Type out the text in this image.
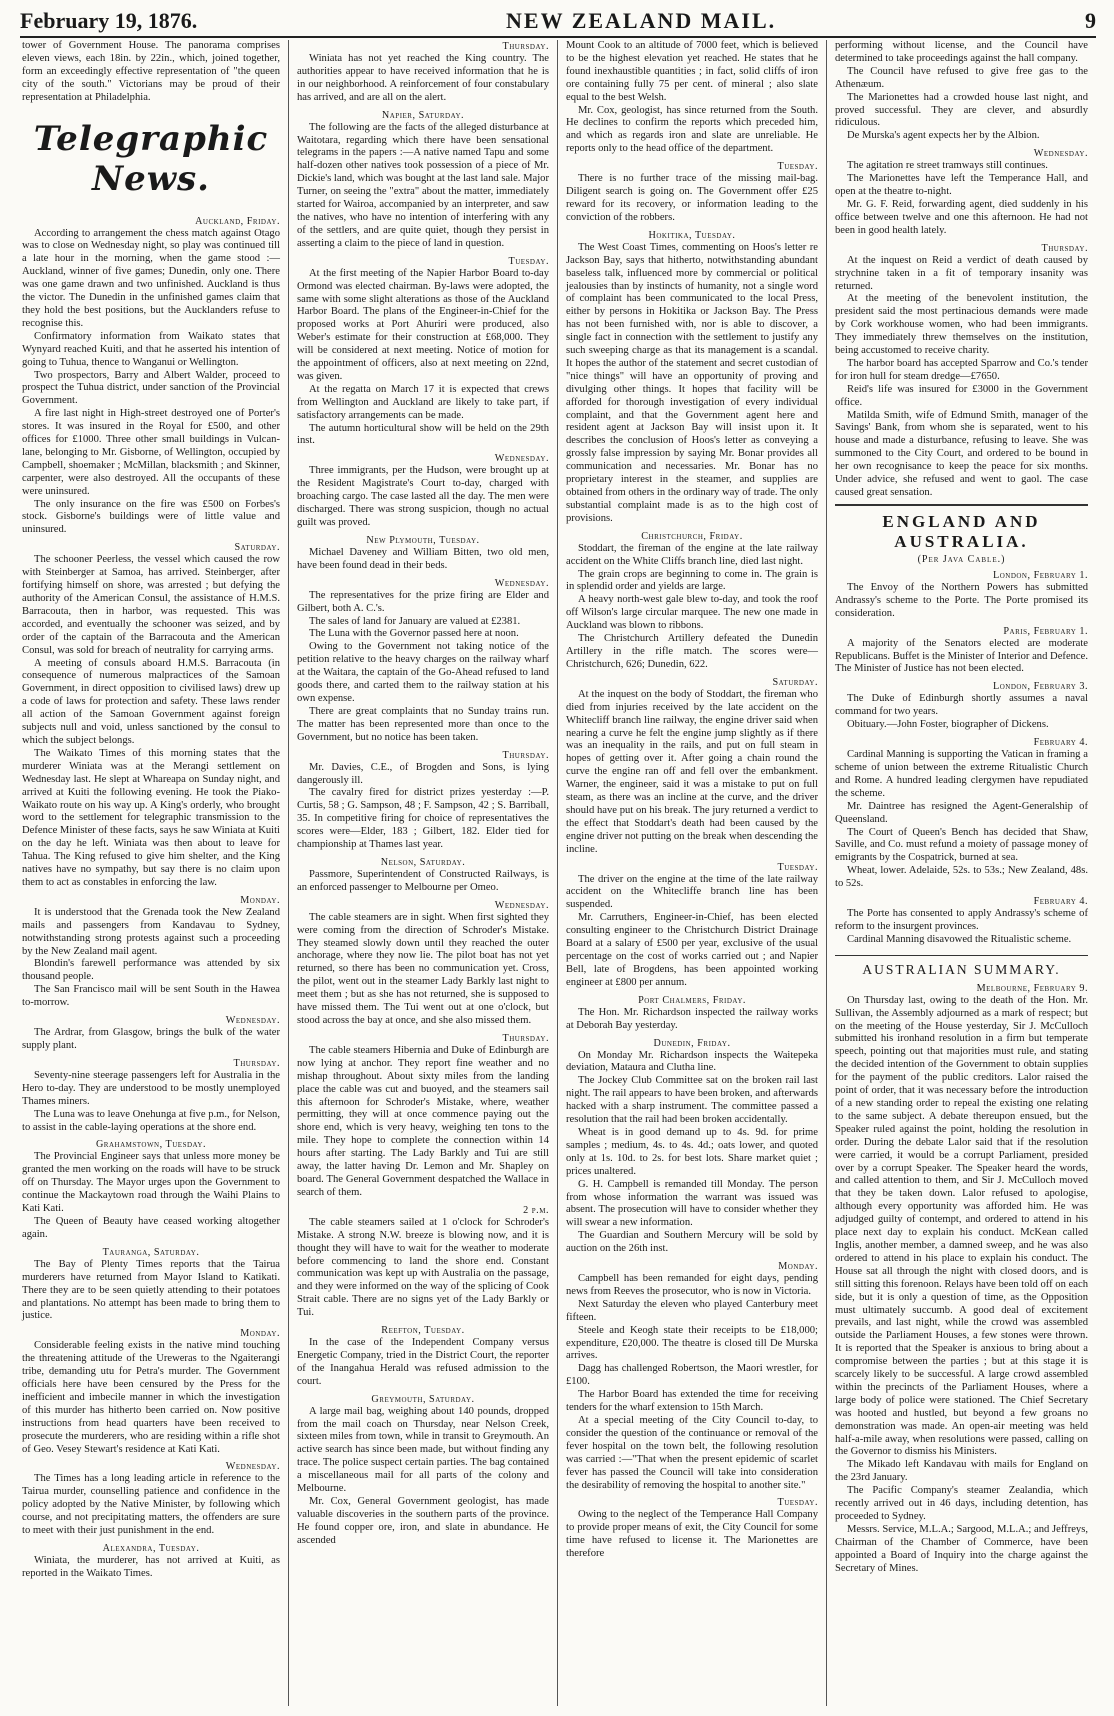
February 19, 1876.	NEW ZEALAND MAIL.	9

tower of Government House. The panorama comprises eleven views, each 18in. by 22in., which, joined together, form an exceedingly effective representation of "the queen city of the south." Victorians may be proud of their representation at Philadelphia.

Telegraphic News.
Auckland, Friday.

According to arrangement the chess match against Otago was to close on Wednesday night, so play was continued till a late hour in the morning, when the game stood :—Auckland, winner of five games; Dunedin, only one. There was one game drawn and two unfinished. Auckland is thus the victor. The Dunedin in the unfinished games claim that they hold the best positions, but the Aucklanders refuse to recognise this.

Confirmatory information from Waikato states that Wynyard reached Kuiti, and that he asserted his intention of going to Tuhua, thence to Wanganui or Wellington.

Two prospectors, Barry and Albert Walder, proceed to prospect the Tuhua district, under sanction of the Provincial Government.

A fire last night in High-street destroyed one of Porter's stores. It was insured in the Royal for £500, and other offices for £1000. Three other small buildings in Vulcan-lane, belonging to Mr. Gisborne, of Wellington, occupied by Campbell, shoemaker ; McMillan, blacksmith ; and Skinner, carpenter, were also destroyed. All the occupants of these were uninsured.

The only insurance on the fire was £500 on Forbes's stock. Gisborne's buildings were of little value and uninsured.

Saturday.

The schooner Peerless, the vessel which caused the row with Steinberger at Samoa, has arrived. Steinberger, after fortifying himself on shore, was arrested ; but defying the authority of the American Consul, the assistance of H.M.S. Barracouta, then in harbor, was requested. This was accorded, and eventually the schooner was seized, and by order of the captain of the Barracouta and the American Consul, was sold for breach of neutrality for carrying arms.

A meeting of consuls aboard H.M.S. Barracouta (in consequence of numerous malpractices of the Samoan Government, in direct opposition to civilised laws) drew up a code of laws for protection and safety. These laws render all action of the Samoan Government against foreign subjects null and void, unless sanctioned by the consul to which the subject belongs.

The Waikato Times of this morning states that the murderer Winiata was at the Merangi settlement on Wednesday last. He slept at Whareapa on Sunday night, and arrived at Kuiti the following evening. He took the Piako-Waikato route on his way up. A King's orderly, who brought word to the settlement for telegraphic transmission to the Defence Minister of these facts, says he saw Winiata at Kuiti on the day he left. Winiata was then about to leave for Tahua. The King refused to give him shelter, and the King natives have no sympathy, but say there is no claim upon them to act as constables in enforcing the law.

Monday.

It is understood that the Grenada took the New Zealand mails and passengers from Kandavau to Sydney, notwithstanding strong protests against such a proceeding by the New Zealand mail agent.

Blondin's farewell performance was attended by six thousand people.

The San Francisco mail will be sent South in the Hawea to-morrow.

Wednesday.

The Ardrar, from Glasgow, brings the bulk of the water supply plant.

Thursday.

Seventy-nine steerage passengers left for Australia in the Hero to-day. They are understood to be mostly unemployed Thames miners.

The Luna was to leave Onehunga at five p.m., for Nelson, to assist in the cable-laying operations at the shore end.

Grahamstown, Tuesday.

The Provincial Engineer says that unless more money be granted the men working on the roads will have to be struck off on Thursday. The Mayor urges upon the Government to continue the Mackaytown road through the Waihi Plains to Kati Kati.

The Queen of Beauty have ceased working altogether again.

Tauranga, Saturday.

The Bay of Plenty Times reports that the Tairua murderers have returned from Mayor Island to Katikati. There they are to be seen quietly attending to their potatoes and plantations. No attempt has been made to bring them to justice.

Monday.

Considerable feeling exists in the native mind touching the threatening attitude of the Ureweras to the Ngaiterangi tribe, demanding utu for Petra's murder. The Government officials here have been censured by the Press for the inefficient and imbecile manner in which the investigation of this murder has hitherto been carried on. Now positive instructions from head quarters have been received to prosecute the murderers, who are residing within a rifle shot of Geo. Vesey Stewart's residence at Kati Kati.

Wednesday.

The Times has a long leading article in reference to the Tairua murder, counselling patience and confidence in the policy adopted by the Native Minister, by following which course, and not precipitating matters, the offenders are sure to meet with their just punishment in the end.

Alexandra, Tuesday.

Winiata, the murderer, has not arrived at Kuiti, as reported in the Waikato Times.

Thursday.

Winiata has not yet reached the King country. The authorities appear to have received information that he is in our neighborhood. A reinforcement of four constabulary has arrived, and are all on the alert.

Napier, Saturday.

The following are the facts of the alleged disturbance at Waitotara, regarding which there have been sensational telegrams in the papers :—A native named Tapu and some half-dozen other natives took possession of a piece of Mr. Dickie's land, which was bought at the last land sale. Major Turner, on seeing the "extra" about the matter, immediately started for Wairoa, accompanied by an interpreter, and saw the natives, who have no intention of interfering with any of the settlers, and are quite quiet, though they persist in asserting a claim to the piece of land in question.

Tuesday.

At the first meeting of the Napier Harbor Board to-day Ormond was elected chairman. By-laws were adopted, the same with some slight alterations as those of the Auckland Harbor Board. The plans of the Engineer-in-Chief for the proposed works at Port Ahuriri were produced, also Weber's estimate for their construction at £68,000. They will be considered at next meeting. Notice of motion for the appointment of officers, also at next meeting on 22nd, was given.

At the regatta on March 17 it is expected that crews from Wellington and Auckland are likely to take part, if satisfactory arrangements can be made.

The autumn horticultural show will be held on the 29th inst.

Wednesday.

Three immigrants, per the Hudson, were brought up at the Resident Magistrate's Court to-day, charged with broaching cargo. The case lasted all the day. The men were discharged. There was strong suspicion, though no actual guilt was proved.

New Plymouth, Tuesday.

Michael Daveney and William Bitten, two old men, have been found dead in their beds.

Wednesday.

The representatives for the prize firing are Elder and Gilbert, both A. C.'s.

The sales of land for January are valued at £2381.

The Luna with the Governor passed here at noon.

Owing to the Government not taking notice of the petition relative to the heavy charges on the railway wharf at the Waitara, the captain of the Go-Ahead refused to land goods there, and carted them to the railway station at his own expense.

There are great complaints that no Sunday trains run. The matter has been represented more than once to the Government, but no notice has been taken.

Thursday.

Mr. Davies, C.E., of Brogden and Sons, is lying dangerously ill.

The cavalry fired for district prizes yesterday :—P. Curtis, 58 ; G. Sampson, 48 ; F. Sampson, 42 ; S. Barriball, 35. In competitive firing for choice of representatives the scores were—Elder, 183 ; Gilbert, 182. Elder tied for championship at Thames last year.

Nelson, Saturday.

Passmore, Superintendent of Constructed Railways, is an enforced passenger to Melbourne per Omeo.

Wednesday.

The cable steamers are in sight. When first sighted they were coming from the direction of Schroder's Mistake. They steamed slowly down until they reached the outer anchorage, where they now lie. The pilot boat has not yet returned, so there has been no communication yet. Cross, the pilot, went out in the steamer Lady Barkly last night to meet them ; but as she has not returned, she is supposed to have missed them. The Tui went out at one o'clock, but stood across the bay at once, and she also missed them.

Thursday.

The cable steamers Hibernia and Duke of Edinburgh are now lying at anchor. They report fine weather and no mishap throughout. About sixty miles from the landing place the cable was cut and buoyed, and the steamers sail this afternoon for Schroder's Mistake, where, weather permitting, they will at once commence paying out the shore end, which is very heavy, weighing ten tons to the mile. They hope to complete the connection within 14 hours after starting. The Lady Barkly and Tui are still away, the latter having Dr. Lemon and Mr. Shapley on board. The General Government despatched the Wallace in search of them.

2 p.m.

The cable steamers sailed at 1 o'clock for Schroder's Mistake. A strong N.W. breeze is blowing now, and it is thought they will have to wait for the weather to moderate before commencing to land the shore end. Constant communication was kept up with Australia on the passage, and they were informed on the way of the splicing of Cook Strait cable. There are no signs yet of the Lady Barkly or Tui.

Reefton, Tuesday.

In the case of the Independent Company versus Energetic Company, tried in the District Court, the reporter of the Inangahua Herald was refused admission to the court.

Greymouth, Saturday.

A large mail bag, weighing about 140 pounds, dropped from the mail coach on Thursday, near Nelson Creek, sixteen miles from town, while in transit to Greymouth. An active search has since been made, but without finding any trace. The police suspect certain parties. The bag contained a miscellaneous mail for all parts of the colony and Melbourne.

Mr. Cox, General Government geologist, has made valuable discoveries in the southern parts of the province. He found copper ore, iron, and slate in abundance. He ascended

Mount Cook to an altitude of 7000 feet, which is believed to be the highest elevation yet reached. He states that he found inexhaustible quantities ; in fact, solid cliffs of iron ore containing fully 75 per cent. of mineral ; also slate equal to the best Welsh.

Mr. Cox, geologist, has since returned from the South. He declines to confirm the reports which preceded him, and which as regards iron and slate are unreliable. He reports only to the head office of the department.

Tuesday.

There is no further trace of the missing mail-bag. Diligent search is going on. The Government offer £25 reward for its recovery, or information leading to the conviction of the robbers.

Hokitika, Tuesday.

The West Coast Times, commenting on Hoos's letter re Jackson Bay, says that hitherto, notwithstanding abundant baseless talk, influenced more by commercial or political jealousies than by instincts of humanity, not a single word of complaint has been communicated to the local Press, either by persons in Hokitika or Jackson Bay. The Press has not been furnished with, nor is able to discover, a single fact in connection with the settlement to justify any such sweeping charge as that its management is a scandal. It hopes the author of the statement and secret custodian of "nice things" will have an opportunity of proving and divulging other things. It hopes that facility will be afforded for thorough investigation of every individual complaint, and that the Government agent here and resident agent at Jackson Bay will insist upon it. It describes the conclusion of Hoos's letter as conveying a grossly false impression by saying Mr. Bonar provides all communication and necessaries. Mr. Bonar has no proprietary interest in the steamer, and supplies are obtained from others in the ordinary way of trade. The only substantial complaint made is as to the high cost of provisions.

Christchurch, Friday.

Stoddart, the fireman of the engine at the late railway accident on the White Cliffs branch line, died last night.

The grain crops are beginning to come in. The grain is in splendid order and yields are large.

A heavy north-west gale blew to-day, and took the roof off Wilson's large circular marquee. The new one made in Auckland was blown to ribbons.

The Christchurch Artillery defeated the Dunedin Artillery in the rifle match. The scores were—Christchurch, 626; Dunedin, 622.

Saturday.

At the inquest on the body of Stoddart, the fireman who died from injuries received by the late accident on the Whitecliff branch line railway, the engine driver said when nearing a curve he felt the engine jump slightly as if there was an inequality in the rails, and put on full steam in hopes of getting over it. After going a chain round the curve the engine ran off and fell over the embankment. Warner, the engineer, said it was a mistake to put on full steam, as there was an incline at the curve, and the driver should have put on his break. The jury returned a verdict to the effect that Stoddart's death had been caused by the engine driver not putting on the break when descending the incline.

Tuesday.

The driver on the engine at the time of the late railway accident on the Whitecliffe branch line has been suspended.

Mr. Carruthers, Engineer-in-Chief, has been elected consulting engineer to the Christchurch District Drainage Board at a salary of £500 per year, exclusive of the usual percentage on the cost of works carried out ; and Napier Bell, late of Brogdens, has been appointed working engineer at £800 per annum.

Port Chalmers, Friday.

The Hon. Mr. Richardson inspected the railway works at Deborah Bay yesterday.

Dunedin, Friday.

On Monday Mr. Richardson inspects the Waitepeka deviation, Mataura and Clutha line.

The Jockey Club Committee sat on the broken rail last night. The rail appears to have been broken, and afterwards hacked with a sharp instrument. The committee passed a resolution that the rail had been broken accidentally.

Wheat is in good demand up to 4s. 9d. for prime samples ; medium, 4s. to 4s. 4d.; oats lower, and quoted only at 1s. 10d. to 2s. for best lots. Share market quiet ; prices unaltered.

G. H. Campbell is remanded till Monday. The person from whose information the warrant was issued was absent. The prosecution will have to consider whether they will swear a new information.

The Guardian and Southern Mercury will be sold by auction on the 26th inst.

Monday.

Campbell has been remanded for eight days, pending news from Reeves the prosecutor, who is now in Victoria.

Next Saturday the eleven who played Canterbury meet fifteen.

Steele and Keogh state their receipts to be £18,000; expenditure, £20,000. The theatre is closed till De Murska arrives.

Dagg has challenged Robertson, the Maori wrestler, for £100.

The Harbor Board has extended the time for receiving tenders for the wharf extension to 15th March.

At a special meeting of the City Council to-day, to consider the question of the continuance or removal of the fever hospital on the town belt, the following resolution was carried :—"That when the present epidemic of scarlet fever has passed the Council will take into consideration the desirability of removing the hospital to another site."

Tuesday.

Owing to the neglect of the Temperance Hall Company to provide proper means of exit, the City Council for some time have refused to license it. The Marionettes are therefore

performing without license, and the Council have determined to take proceedings against the hall company.

The Council have refused to give free gas to the Athenæum.

The Marionettes had a crowded house last night, and proved successful. They are clever, and absurdly ridiculous.

De Murska's agent expects her by the Albion.

Wednesday.

The agitation re street tramways still continues.

The Marionettes have left the Temperance Hall, and open at the theatre to-night.

Mr. G. F. Reid, forwarding agent, died suddenly in his office between twelve and one this afternoon. He had not been in good health lately.

Thursday.

At the inquest on Reid a verdict of death caused by strychnine taken in a fit of temporary insanity was returned.

At the meeting of the benevolent institution, the president said the most pertinacious demands were made by Cork workhouse women, who had been immigrants. They immediately threw themselves on the institution, being accustomed to receive charity.

The harbor board has accepted Sparrow and Co.'s tender for iron hull for steam dredge—£7650.

Reid's life was insured for £3000 in the Government office.

Matilda Smith, wife of Edmund Smith, manager of the Savings' Bank, from whom she is separated, went to his house and made a disturbance, refusing to leave. She was summoned to the City Court, and ordered to be bound in her own recognisance to keep the peace for six months. Under advice, she refused and went to gaol. The case caused great sensation.

ENGLAND AND AUSTRALIA.
(Per Java Cable.)
London, February 1.

The Envoy of the Northern Powers has submitted Andrassy's scheme to the Porte. The Porte promised its consideration.

Paris, February 1.

A majority of the Senators elected are moderate Republicans. Buffet is the Minister of Interior and Defence. The Minister of Justice has not been elected.

London, February 3.

The Duke of Edinburgh shortly assumes a naval command for two years.

Obituary.—John Foster, biographer of Dickens.

February 4.

Cardinal Manning is supporting the Vatican in framing a scheme of union between the extreme Ritualistic Church and Rome. A hundred leading clergymen have repudiated the scheme.

Mr. Daintree has resigned the Agent-Generalship of Queensland.

The Court of Queen's Bench has decided that Shaw, Saville, and Co. must refund a moiety of passage money of emigrants by the Cospatrick, burned at sea.

Wheat, lower. Adelaide, 52s. to 53s.; New Zealand, 48s. to 52s.

February 4.

The Porte has consented to apply Andrassy's scheme of reform to the insurgent provinces.

Cardinal Manning disavowed the Ritualistic scheme.

AUSTRALIAN SUMMARY.
Melbourne, February 9.

On Thursday last, owing to the death of the Hon. Mr. Sullivan, the Assembly adjourned as a mark of respect; but on the meeting of the House yesterday, Sir J. McCulloch submitted his ironhand resolution in a firm but temperate speech, pointing out that majorities must rule, and stating the decided intention of the Government to obtain supplies for the payment of the public creditors. Lalor raised the point of order, that it was necessary before the introduction of a new standing order to repeal the existing one relating to the same subject. A debate thereupon ensued, but the Speaker ruled against the point, holding the resolution in order. During the debate Lalor said that if the resolution were carried, it would be a corrupt Parliament, presided over by a corrupt Speaker. The Speaker heard the words, and called attention to them, and Sir J. McCulloch moved that they be taken down. Lalor refused to apologise, although every opportunity was afforded him. He was adjudged guilty of contempt, and ordered to attend in his place next day to explain his conduct. McKean called Inglis, another member, a damned sweep, and he was also ordered to attend in his place to explain his conduct. The House sat all through the night with closed doors, and is still sitting this forenoon. Relays have been told off on each side, but it is only a question of time, as the Opposition must ultimately succumb. A good deal of excitement prevails, and last night, while the crowd was assembled outside the Parliament Houses, a few stones were thrown. It is reported that the Speaker is anxious to bring about a compromise between the parties ; but at this stage it is scarcely likely to be successful. A large crowd assembled within the precincts of the Parliament Houses, where a large body of police were stationed. The Chief Secretary was hooted and hustled, but beyond a few groans no demonstration was made. An open-air meeting was held half-a-mile away, when resolutions were passed, calling on the Governor to dismiss his Ministers.

The Mikado left Kandavau with mails for England on the 23rd January.

The Pacific Company's steamer Zealandia, which recently arrived out in 46 days, including detention, has proceeded to Sydney.

Messrs. Service, M.L.A.; Sargood, M.L.A.; and Jeffreys, Chairman of the Chamber of Commerce, have been appointed a Board of Inquiry into the charge against the Secretary of Mines.
